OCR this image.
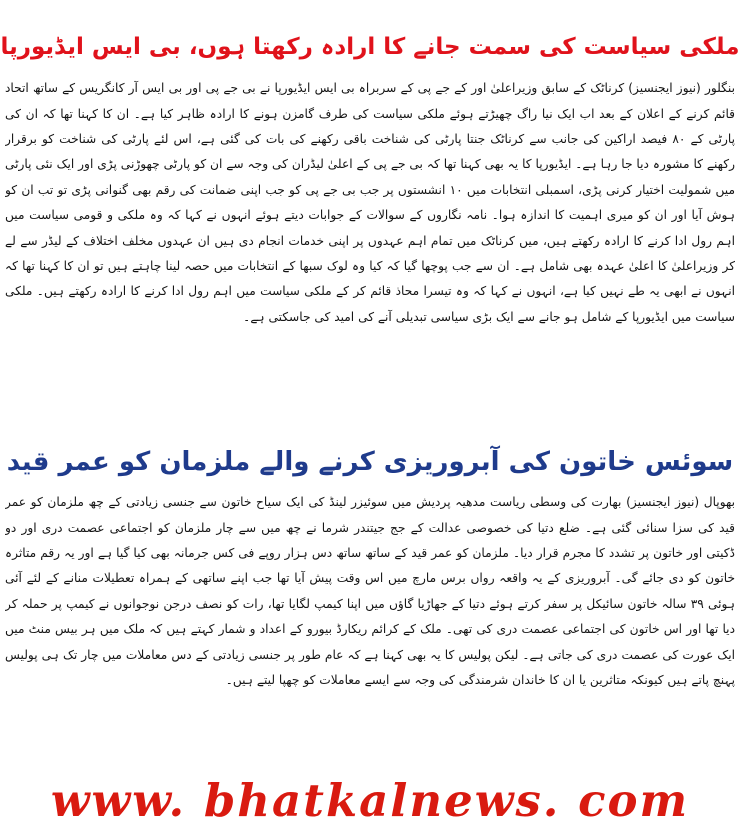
ملکی سیاست کی سمت جانے کا ارادہ رکھتا ہوں، بی ایس ایڈیورپا

بنگلور (نیوز ایجنسیز) کرناٹک کے سابق وزیراعلیٰ اور کے جے پی کے سربراہ بی ایس ایڈیورپا نے بی جے پی اور بی ایس آر کانگریس کے ساتھ اتحاد قائم کرنے کے اعلان کے بعد اب ایک نیا راگ چھیڑتے ہوئے ملکی سیاست کی طرف گامزن ہونے کا ارادہ ظاہر کیا ہے۔ ان کا کہنا تھا کہ ان کی پارٹی کے ۸۰ فیصد اراکین کی جانب سے کرناٹک جنتا پارٹی کی شناخت باقی رکھنے کی بات کی گئی ہے، اس لئے پارٹی کی شناخت کو برقرار رکھنے کا مشورہ دیا جا رہا ہے۔ ایڈیورپا کا یہ بھی کہنا تھا کہ بی جے پی کے اعلیٰ لیڈران کی وجہ سے ان کو پارٹی چھوڑنی پڑی اور ایک نئی پارٹی میں شمولیت اختیار کرنی پڑی، اسمبلی انتخابات میں ۱۰ انشستوں پر جب بی جے پی کو جب اپنی ضمانت کی رقم بھی گنوانی پڑی تو تب ان کو ہوش آیا اور ان کو میری اہمیت کا اندازہ ہوا۔ نامہ نگاروں کے سوالات کے جوابات دیتے ہوئے انہوں نے کہا کہ وہ ملکی و قومی سیاست میں اہم رول ادا کرنے کا ارادہ رکھتے ہیں، میں کرناٹک میں تمام اہم عہدوں پر اپنی خدمات انجام دی ہیں ان عہدوں مخلف اختلاف کے لیڈر سے لے کر وزیراعلیٰ کا اعلیٰ عہدہ بھی شامل ہے۔ ان سے جب پوچھا گیا کہ کیا وہ لوک سبھا کے انتخابات میں حصہ لینا چاہتے ہیں تو ان کا کہنا تھا کہ انہوں نے ابھی یہ طے نہیں کیا ہے، انہوں نے کہا کہ وہ تیسرا محاذ قائم کر کے ملکی سیاست میں اہم رول ادا کرنے کا ارادہ رکھتے ہیں۔ ملکی سیاست میں ایڈیورپا کے شامل ہو جانے سے ایک بڑی سیاسی تبدیلی آنے کی امید کی جاسکتی ہے۔

سوئس خاتون کی آبروریزی کرنے والے ملزمان کو عمر قید

بھوپال (نیوز ایجنسیز) بھارت کی وسطی ریاست مدھیہ پردیش میں سوئیزر لینڈ کی ایک سیاح خاتون سے جنسی زیادتی کے چھ ملزمان کو عمر قید کی سزا سنائی گئی ہے۔ ضلع دتیا کی خصوصی عدالت کے جج جیتندر شرما نے چھ میں سے چار ملزمان کو اجتماعی عصمت دری اور دو ڈکیتی اور خاتون پر تشدد کا مجرم قرار دیا۔ ملزمان کو عمر قید کے ساتھ ساتھ دس ہزار روپے فی کس جرمانہ بھی کیا گیا ہے اور یہ رقم متاثرہ خاتون کو دی جائے گی۔ آبروریزی کے یہ واقعہ رواں برس مارچ میں اس وقت پیش آیا تھا جب اپنے ساتھی کے ہمراہ تعطیلات منانے کے لئے آئی ہوئی ۳۹ سالہ خاتون سائیکل پر سفر کرتے ہوئے دتیا کے جھاڑیا گاؤں میں اپنا کیمپ لگایا تھا، رات کو نصف درجن نوجوانوں نے کیمپ پر حملہ کر دیا تھا اور اس خاتون کی اجتماعی عصمت دری کی تھی۔ ملک کے کرائم ریکارڈ بیورو کے اعداد و شمار کہتے ہیں کہ ملک میں ہر بیس منٹ میں ایک عورت کی عصمت دری کی جاتی ہے۔ لیکن پولیس کا یہ بھی کہنا ہے کہ عام طور پر جنسی زیادتی کے دس معاملات میں چار تک ہی پولیس پہنچ پاتے ہیں کیونکہ متاثرین یا ان کا خاندان شرمندگی کی وجہ سے ایسے معاملات کو چھپا لیتے ہیں۔

www. bhatkalnews. com
